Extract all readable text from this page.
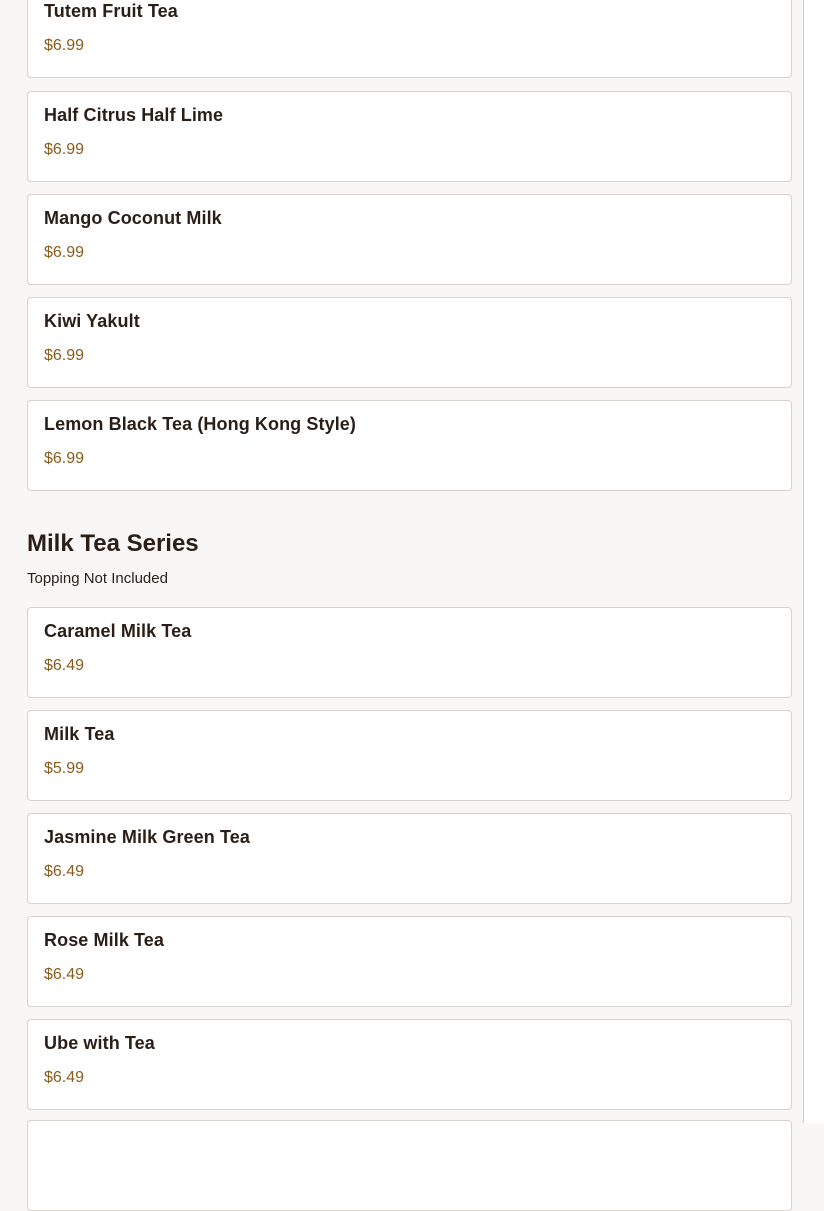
Tutem Fruit Tea
$6.99
Half Citrus Half Lime
$6.99
Mango Coconut Milk
$6.99
Kiwi Yakult
$6.99
Lemon Black Tea (Hong Kong Style)
$6.99
Milk Tea Series
Topping Not Included
Caramel Milk Tea
$6.49
Milk Tea
$5.99
Jasmine Milk Green Tea
$6.49
Rose Milk Tea
$6.49
Ube with Tea
$6.49
